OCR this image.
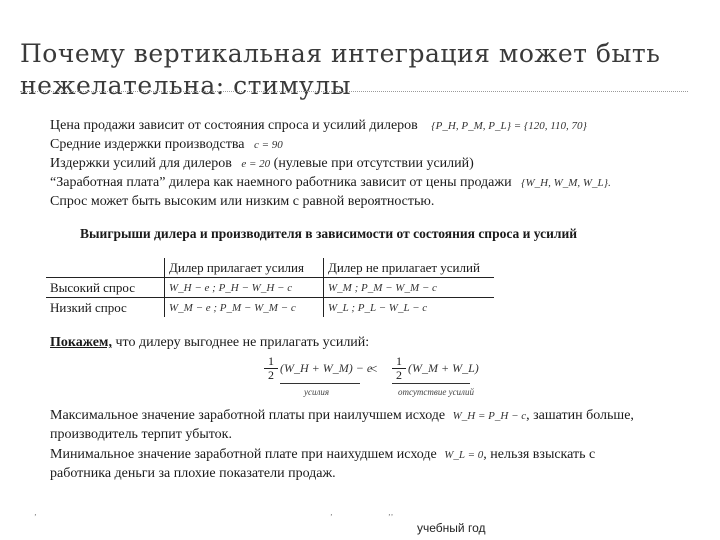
Почему вертикальная интеграция может быть
нежелательна: стимулы
Цена продажи зависит от состояния спроса и усилий дилеров {P_H, P_M, P_L} = {120, 110, 70}
Средние издержки производства c = 90
Издержки усилий для дилеров e = 20 (нулевые при отсутствии усилий)
“Заработная плата” дилера как наемного работника зависит от цены продажи {W_H, W_M, W_L}.
Спрос может быть высоким или низким с равной вероятностью.
Выигрыши дилера и производителя в зависимости от состояния спроса и усилий
	Дилер прилагает усилия	Дилер не прилагает усилий
Высокий спрос	W_H − e ; P_H − W_H − c	W_M ; P_M − W_M − c
Низкий спрос	W_M − e ; P_M − W_M − c	W_L ; P_L − W_L − c
Покажем, что дилеру выгоднее не прилагать усилий:
$\frac{1}{2}$ (W_H + W_M) − e
< $\frac{1}{2}$ (W_M + W_L)
усилия	отсутствие усилий
Максимальное значение заработной платы при наилучшем исходе W_H = P_H − c, зашатин больше,
производитель терпит убыток.
Минимальное значение заработной плате при наихудшем исходе W_L = 0, нельзя взыскать с
работника деньги за плохие показатели продаж.
‚	‚	‚‚
учебный год
